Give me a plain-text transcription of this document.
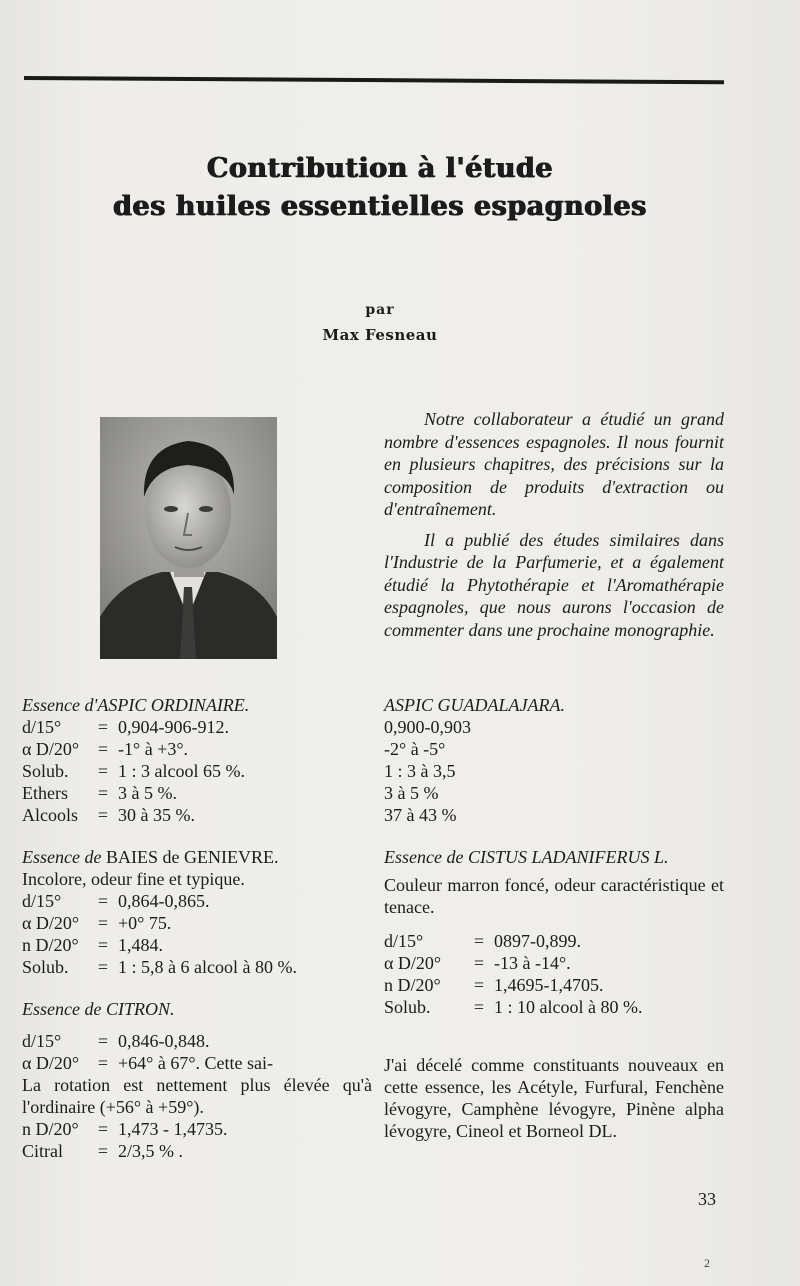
Contribution à l'étude
des huiles essentielles espagnoles
par
Max Fesneau

Notre collaborateur a étudié un grand nombre d'essences espagnoles. Il nous fournit en plusieurs chapitres, des précisions sur la composition de produits d'extraction ou d'entraînement.

Il a publié des études similaires dans l'Industrie de la Parfumerie, et a également étudié la Phytothérapie et l'Aromathérapie espagnoles, que nous aurons l'occasion de commenter dans une prochaine monographie.

Essence d'ASPIC ORDINAIRE.

d/15°	= 0,904-906-912.
α D/20°	= -1° à +3°.
Solub.	= 1 : 3 alcool 65 %.
Ethers	= 3 à 5 %.
Alcools	= 30 à 35 %.

Essence de BAIES de GENIEVRE.

Incolore, odeur fine et typique.
d/15°	= 0,864-0,865.
α D/20°	= +0° 75.
n D/20°	= 1,484.
Solub.	= 1 : 5,8 à 6 alcool à 80 %.

Essence de CITRON.

d/15°	= 0,846-0,848.
α D/20°	= +64° à 67°. Cette sai-

La rotation est nettement plus élevée qu'à l'ordinaire (+56° à +59°).

n D/20°	= 1,473 - 1,4735.
Citral	= 2/3,5 % .

ASPIC GUADALAJARA.

0,900-0,903
-2° à -5°
1 : 3 à 3,5
3 à 5 %
37 à 43 %

Essence de CISTUS LADANIFERUS L.

Couleur marron foncé, odeur caractéristique et tenace.

d/15°	= 0897-0,899.
α D/20° = -13 à -14°.
n D/20° = 1,4695-1,4705.
Solub. = 1 : 10 alcool à 80 %.

J'ai décelé comme constituants nouveaux en cette essence, les Acétyle, Furfural, Fenchène lévogyre, Camphène lévogyre, Pinène alpha lévogyre, Cineol et Borneol DL.

33
2
